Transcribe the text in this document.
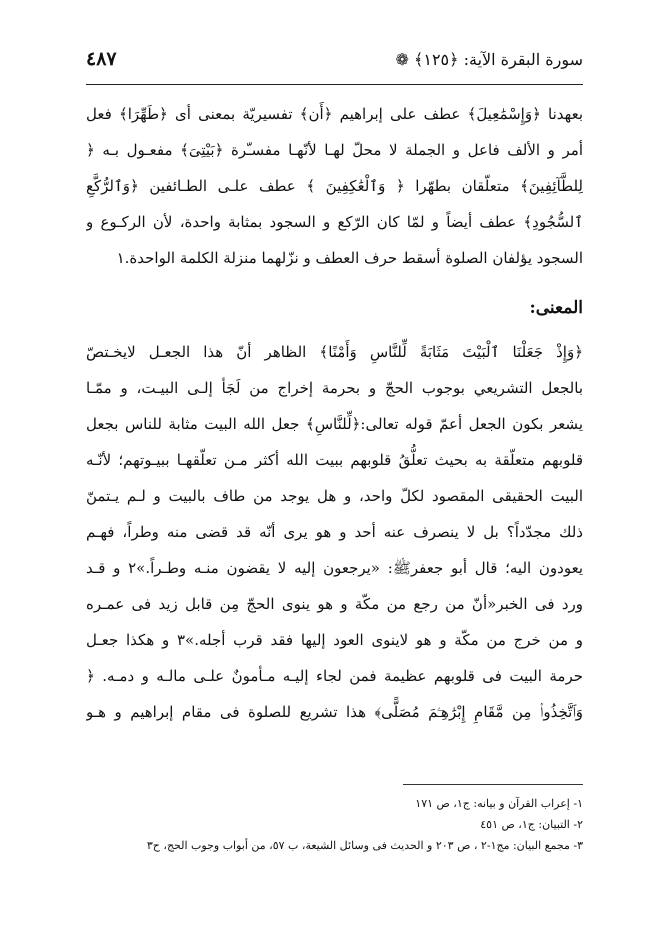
سورة البقرة الآية: ﴿١٢٥﴾ ❁
٤٨٧
بعهدنا ﴿وَإِسْمَٰعِيلَ﴾ عطف على إبراهيم ﴿أَن﴾ تفسيريّة بمعنى أى ﴿طَهِّرَا﴾ فعل
أمر و الألف فاعل و الجملة لا محلّ لهـا لأنّهـا مفسـّرة ﴿بَيْتِىَ﴾ مفعـول بـه ﴿
لِلطَّآئِفِينَ﴾ متعلّقان بطهّرا ﴿ وَٱلْعَٰكِفِينَ ﴾ عطف علـى الطـائفين ﴿وَٱلرُّكَّعِ
ٱلسُّجُودِ﴾ عطف أيضاً و لمّا كان الرّكع و السجود بمثابة واحدة، لأن الركـوع و
السجود يؤلفان الصلوة أسقط حرف العطف و نزّلهما منزلة الكلمة الواحدة.١
المعنى:
﴿وَإِذْ جَعَلْنَا ٱلْبَيْتَ مَثَابَةً لِّلنَّاسِ وَأَمْنًا﴾ الظاهر أنّ هذا الجعـل لايخـتصّ
بالجعل التشريعي بوجوب الحجّ و بحرمة إخراج من لَجَأ إلـى البيـت، و ممّـا
يشعر بكون الجعل أعمّ قوله تعالى:﴿لِّلنَّاسِ﴾ جعل الله البيت مثابة للناس بجعل
قلوبهم متعلّقة به بحيث تعلُّقُ قلوبهم ببيت الله أكثر مـن تعلّقهـا ببيـوتهم؛ لأنّـه
البيت الحقيقى المقصود لكلّ واحد، و هل يوجد من طاف بالبيت و لـم يـتمنّ
ذلك مجدّداً؟ بل لا ينصرف عنه أحد و هو يرى أنّه قد قضى منه وطراً، فهـم
يعودون اليه؛ قال أبو جعفرﷺ: «يرجعون إليه لا يقضون منـه وطـراً.»٢ و قـد
ورد فى الخبر«أنّ من رجع من مكّة و هو ينوى الحجّ مِن قابل زيد فى عمـره
و من خرج من مكّة و هو لاينوى العود إليها فقد قرب أجله.»٣ و هكذا جعـل
حرمة البيت فى قلوبهم عظيمة فمن لجاء إليـه مـأمونٌ علـى مالـه و دمـه. ﴿
وَٱتَّخِذُوا۟ مِن مَّقَامِ إِبْرَٰهِـۧمَ مُصَلًّى﴾ هذا تشريع للصلوة فى مقام إبراهيم و هـو
١- إعراب القرآن و بيانه: ج١، ص ١٧١
٢- التبيان: ج١، ص ٤٥١
٣- مجمع البيان: مج١-٢ ، ص ٢٠٣ و الحديث فى وسائل الشيعة، ب ٥٧، من أبواب وجوب الحج، ح٣
